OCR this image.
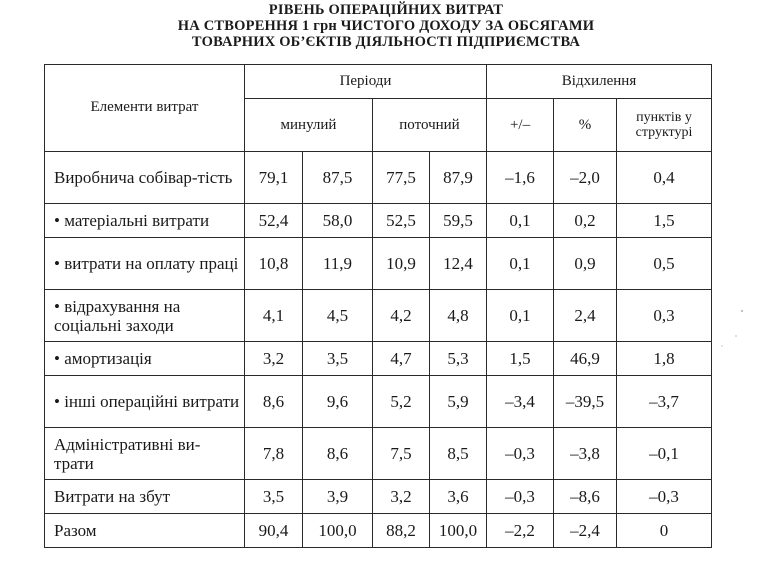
РІВЕНЬ ОПЕРАЦІЙНИХ ВИТРАТ
НА СТВОРЕННЯ 1 грн ЧИСТОГО ДОХОДУ ЗА ОБСЯГАМИ
ТОВАРНИХ ОБ’ЄКТІВ ДІЯЛЬНОСТІ ПІДПРИЄМСТВА
Елементи витрат	Періоди				Відхилення		
	минулий		поточний		+/–	%	пунктів у структурі
Виробнича собівар-тість	79,1	87,5	77,5	87,9	–1,6	–2,0	0,4
• матеріальні витрати	52,4	58,0	52,5	59,5	0,1	0,2	1,5
• витрати на оплату праці	10,8	11,9	10,9	12,4	0,1	0,9	0,5
• відрахування на соціальні заходи	4,1	4,5	4,2	4,8	0,1	2,4	0,3
• амортизація	3,2	3,5	4,7	5,3	1,5	46,9	1,8
• інші операційні витрати	8,6	9,6	5,2	5,9	–3,4	–39,5	–3,7
Адміністративні ви-трати	7,8	8,6	7,5	8,5	–0,3	–3,8	–0,1
Витрати на збут	3,5	3,9	3,2	3,6	–0,3	–8,6	–0,3
Разом	90,4	100,0	88,2	100,0	–2,2	–2,4	0
